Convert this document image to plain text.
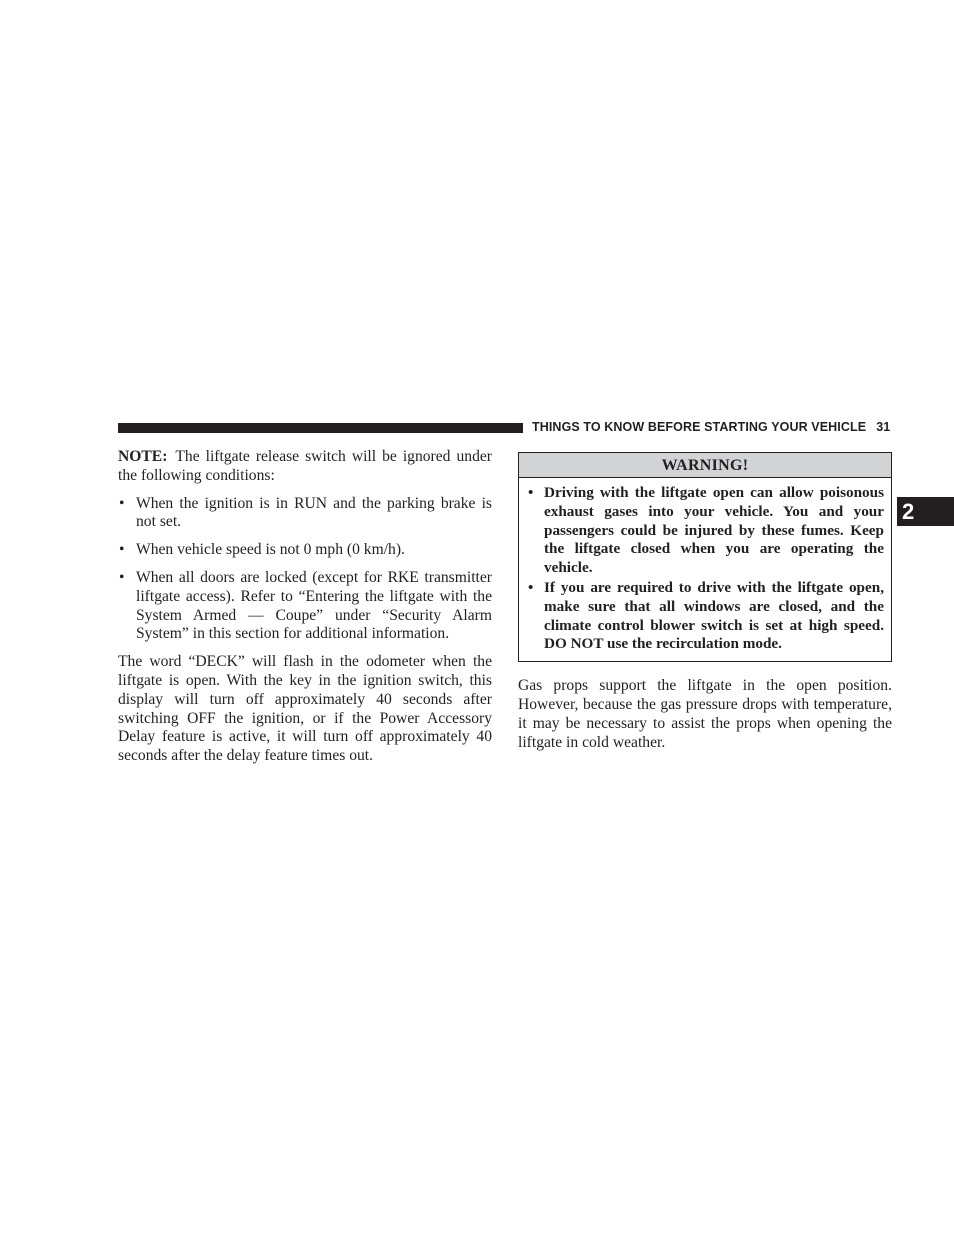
THINGS TO KNOW BEFORE STARTING YOUR VEHICLE 31
2

NOTE: The liftgate release switch will be ignored under the following conditions:

• When the ignition is in RUN and the parking brake is not set.
• When vehicle speed is not 0 mph (0 km/h).
• When all doors are locked (except for RKE transmitter liftgate access). Refer to “Entering the liftgate with the System Armed — Coupe” under “Security Alarm System” in this section for additional information.

The word “DECK” will flash in the odometer when the liftgate is open. With the key in the ignition switch, this display will turn off approximately 40 seconds after switching OFF the ignition, or if the Power Accessory Delay feature is active, it will turn off approximately 40 seconds after the delay feature times out.

WARNING!
• Driving with the liftgate open can allow poisonous exhaust gases into your vehicle. You and your passengers could be injured by these fumes. Keep the liftgate closed when you are operating the vehicle.
• If you are required to drive with the liftgate open, make sure that all windows are closed, and the climate control blower switch is set at high speed. DO NOT use the recirculation mode.

Gas props support the liftgate in the open position. However, because the gas pressure drops with temperature, it may be necessary to assist the props when opening the liftgate in cold weather.
